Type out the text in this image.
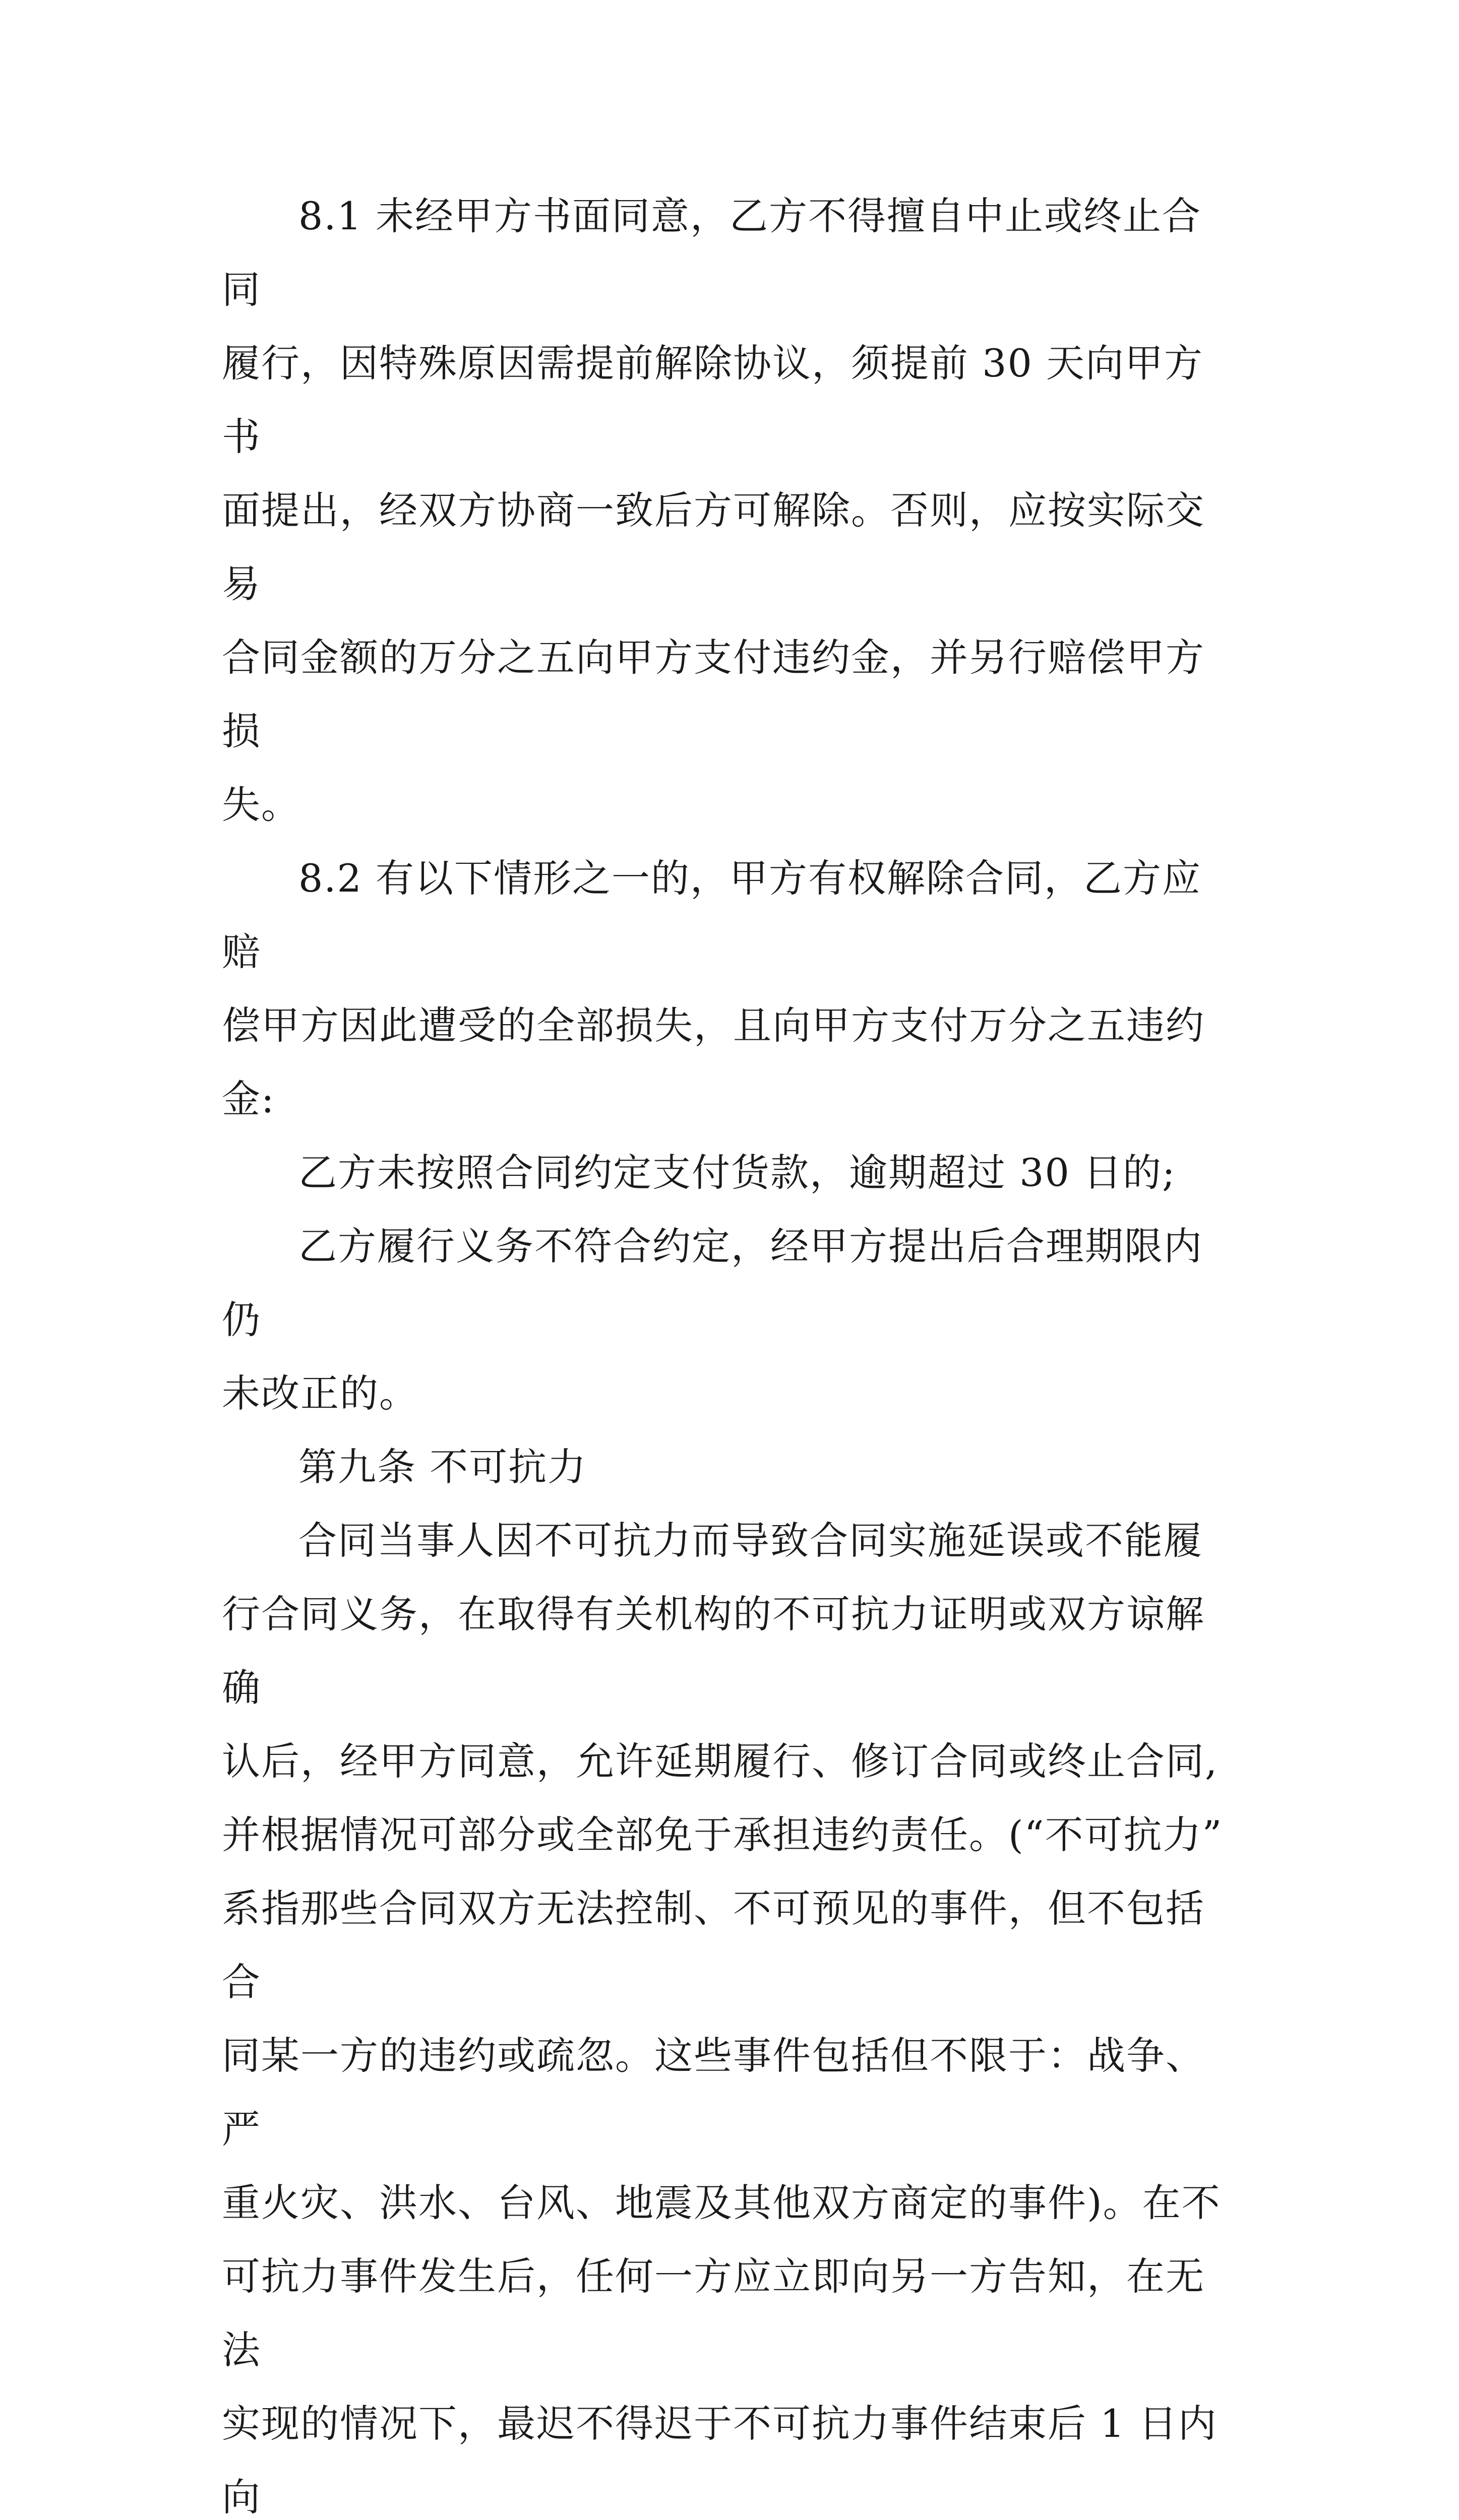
8.1 未经甲方书面同意，乙方不得擅自中止或终止合同
履行，因特殊原因需提前解除协议，须提前 30 天向甲方书
面提出，经双方协商一致后方可解除。否则，应按实际交易
合同金额的万分之五向甲方支付违约金，并另行赔偿甲方损
失。

8.2 有以下情形之一的，甲方有权解除合同，乙方应赔
偿甲方因此遭受的全部损失，且向甲方支付万分之五违约金:

乙方未按照合同约定支付货款，逾期超过 30 日的;

乙方履行义务不符合约定，经甲方提出后合理期限内仍
未改正的。

第九条 不可抗力

合同当事人因不可抗力而导致合同实施延误或不能履
行合同义务，在取得有关机构的不可抗力证明或双方谅解确
认后，经甲方同意，允许延期履行、修订合同或终止合同,
并根据情况可部分或全部免于承担违约责任。(“不可抗力”
系指那些合同双方无法控制、不可预见的事件，但不包括合
同某一方的违约或疏忽。这些事件包括但不限于：战争、严
重火灾、洪水、台风、地震及其他双方商定的事件)。在不
可抗力事件发生后，任何一方应立即向另一方告知，在无法
实现的情况下，最迟不得迟于不可抗力事件结束后 1 日内向
